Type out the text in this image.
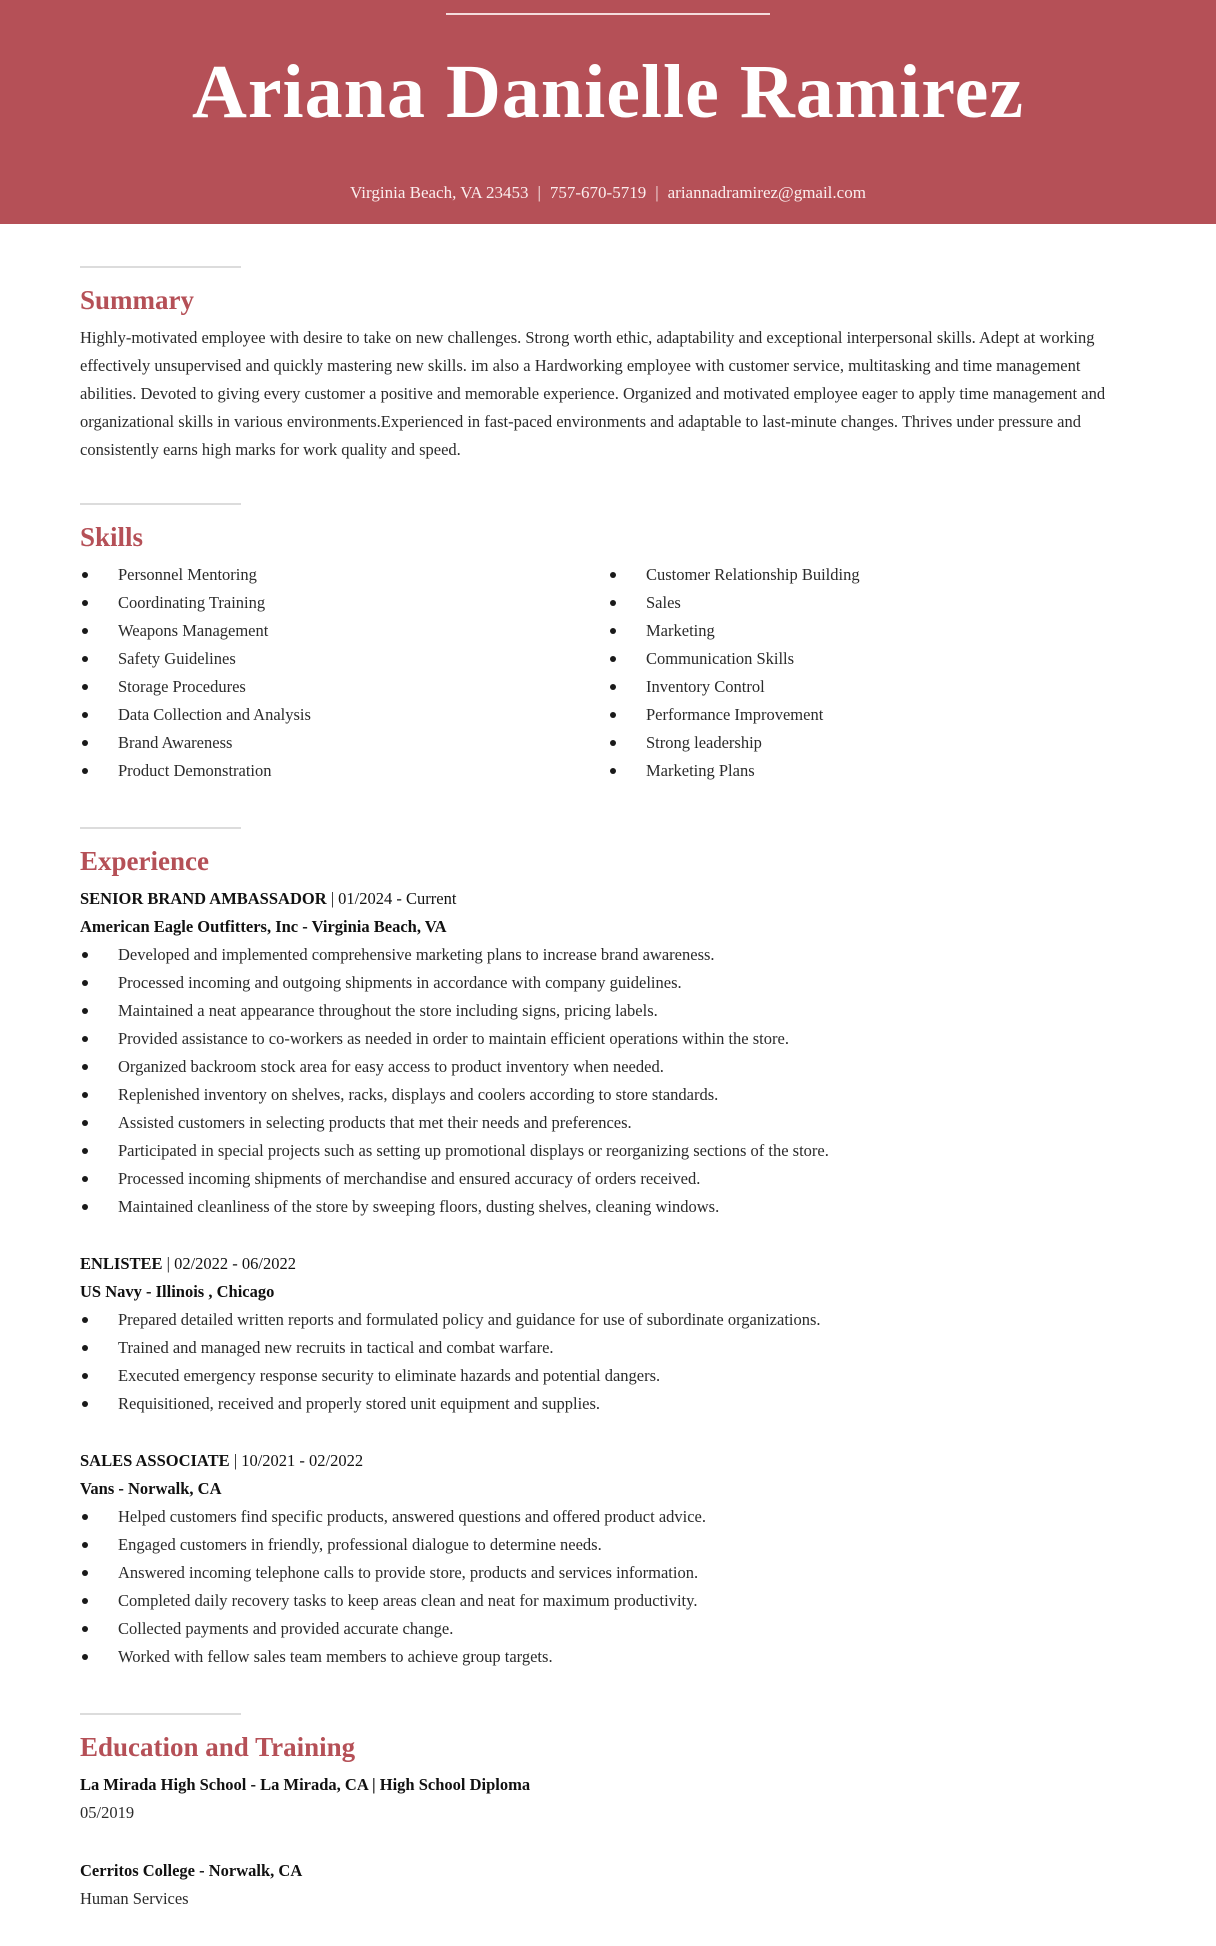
Ariana Danielle Ramirez
Virginia Beach, VA 23453 | 757-670-5719 | ariannadramirez@gmail.com
Summary

Highly-motivated employee with desire to take on new challenges. Strong worth ethic, adaptability and exceptional interpersonal skills. Adept at working effectively unsupervised and quickly mastering new skills. im also a Hardworking employee with customer service, multitasking and time management abilities. Devoted to giving every customer a positive and memorable experience. Organized and motivated employee eager to apply time management and organizational skills in various environments.Experienced in fast-paced environments and adaptable to last-minute changes. Thrives under pressure and consistently earns high marks for work quality and speed.

Skills
Personnel Mentoring
Coordinating Training
Weapons Management
Safety Guidelines
Storage Procedures
Data Collection and Analysis
Brand Awareness
Product Demonstration
Customer Relationship Building
Sales
Marketing
Communication Skills
Inventory Control
Performance Improvement
Strong leadership
Marketing Plans
Experience
SENIOR BRAND AMBASSADOR | 01/2024 - Current
American Eagle Outfitters, Inc - Virginia Beach, VA
Developed and implemented comprehensive marketing plans to increase brand awareness.
Processed incoming and outgoing shipments in accordance with company guidelines.
Maintained a neat appearance throughout the store including signs, pricing labels.
Provided assistance to co-workers as needed in order to maintain efficient operations within the store.
Organized backroom stock area for easy access to product inventory when needed.
Replenished inventory on shelves, racks, displays and coolers according to store standards.
Assisted customers in selecting products that met their needs and preferences.
Participated in special projects such as setting up promotional displays or reorganizing sections of the store.
Processed incoming shipments of merchandise and ensured accuracy of orders received.
Maintained cleanliness of the store by sweeping floors, dusting shelves, cleaning windows.
ENLISTEE | 02/2022 - 06/2022
US Navy - Illinois , Chicago
Prepared detailed written reports and formulated policy and guidance for use of subordinate organizations.
Trained and managed new recruits in tactical and combat warfare.
Executed emergency response security to eliminate hazards and potential dangers.
Requisitioned, received and properly stored unit equipment and supplies.
SALES ASSOCIATE | 10/2021 - 02/2022
Vans - Norwalk, CA
Helped customers find specific products, answered questions and offered product advice.
Engaged customers in friendly, professional dialogue to determine needs.
Answered incoming telephone calls to provide store, products and services information.
Completed daily recovery tasks to keep areas clean and neat for maximum productivity.
Collected payments and provided accurate change.
Worked with fellow sales team members to achieve group targets.
Education and Training
La Mirada High School - La Mirada, CA | High School Diploma
05/2019
Cerritos College - Norwalk, CA
Human Services
